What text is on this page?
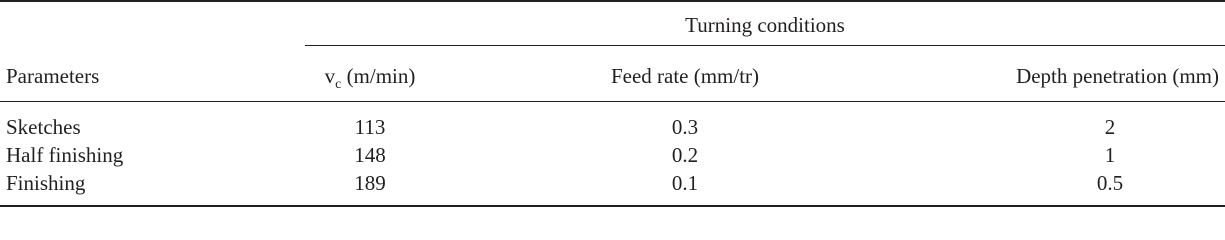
Turning conditions
Parameters	$v_c$ (m/min)	Feed rate (mm/tr)	Depth penetration (mm)
Sketches	113	0.3	2
Half finishing	148	0.2	1
Finishing	189	0.1	0.5
